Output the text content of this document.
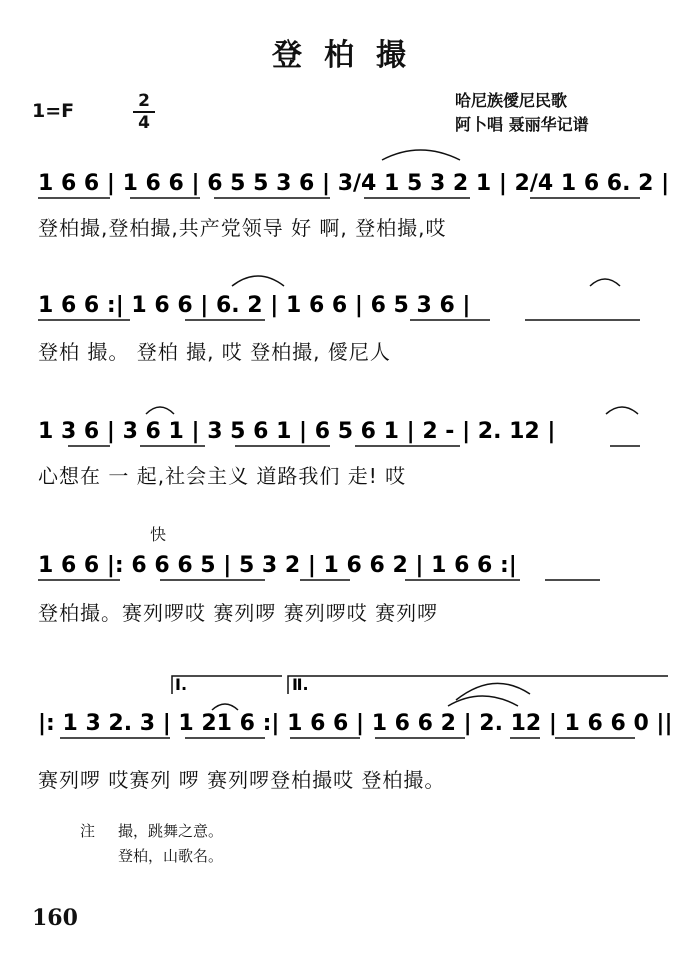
登柏撮
1=F	2
4
哈尼族僾尼民歌
阿卜唱 聂丽华记谱
1 6 6 | 1 6 6 | 6 5 5 3 6 | 3/4 1 5 3 2 1 | 2/4 1 6 6. 2 |
1 6 6 :| 1 6 6 | 6. 2 | 1 6 6 | 6 5 3 6 |
1 3 6 | 3 6 1 | 3 5 6 1 | 6 5 6 1 | 2 - | 2. 12 |
1 6 6 |: 6 6 6 5 | 5 3 2 | 1 6 6 2 | 1 6 6 :|
|: 1 3 2. 3 | 1 21 6 :| 1 6 6 | 1 6 6 2 | 2. 12 | 1 6 6 0 ||
Ⅰ.	Ⅱ.
登柏撮,登柏撮,共产党领导 好 啊, 登柏撮,哎
登柏 撮。 登柏 撮, 哎 登柏撮, 僾尼人
心想在 一 起,社会主义 道路我们 走! 哎
快
登柏撮。赛列啰哎 赛列啰 赛列啰哎 赛列啰
赛列啰 哎赛列 啰 赛列啰登柏撮哎 登柏撮。
注 撮，跳舞之意。
登柏，山歌名。
160
